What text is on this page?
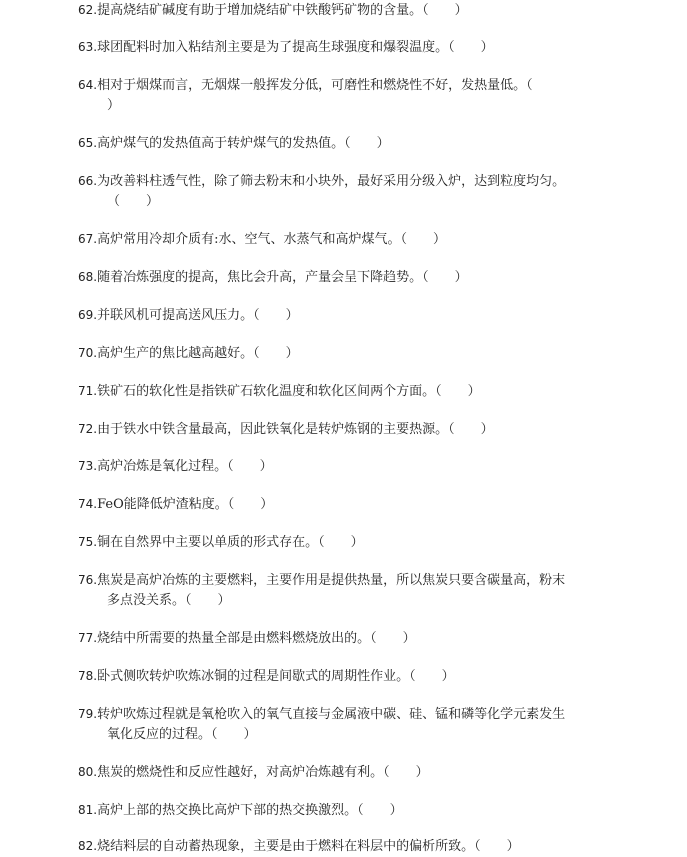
62.提高烧结矿碱度有助于增加烧结矿中铁酸钙矿物的含量。（　　）
63.球团配料时加入粘结剂主要是为了提高生球强度和爆裂温度。（　　）
64.相对于烟煤而言，无烟煤一般挥发分低，可磨性和燃烧性不好，发热量低。（
）
65.高炉煤气的发热值高于转炉煤气的发热值。（　　）
66.为改善料柱透气性，除了筛去粉末和小块外，最好采用分级入炉，达到粒度均匀。
（　　）
67.高炉常用冷却介质有:水、空气、水蒸气和高炉煤气。（　　）
68.随着冶炼强度的提高，焦比会升高，产量会呈下降趋势。（　　）
69.并联风机可提高送风压力。（　　）
70.高炉生产的焦比越高越好。（　　）
71.铁矿石的软化性是指铁矿石软化温度和软化区间两个方面。（　　）
72.由于铁水中铁含量最高，因此铁氧化是转炉炼钢的主要热源。（　　）
73.高炉冶炼是氧化过程。（　　）
74.FeO能降低炉渣粘度。（　　）
75.铜在自然界中主要以单质的形式存在。（　　）
76.焦炭是高炉冶炼的主要燃料，主要作用是提供热量，所以焦炭只要含碳量高，粉末
多点没关系。（　　）
77.烧结中所需要的热量全部是由燃料燃烧放出的。（　　）
78.卧式侧吹转炉吹炼冰铜的过程是间歇式的周期性作业。（　　）
79.转炉吹炼过程就是氧枪吹入的氧气直接与金属液中碳、硅、锰和磷等化学元素发生
氧化反应的过程。（　　）
80.焦炭的燃烧性和反应性越好，对高炉冶炼越有利。（　　）
81.高炉上部的热交换比高炉下部的热交换激烈。（　　）
82.烧结料层的自动蓄热现象，主要是由于燃料在料层中的偏析所致。（　　）
